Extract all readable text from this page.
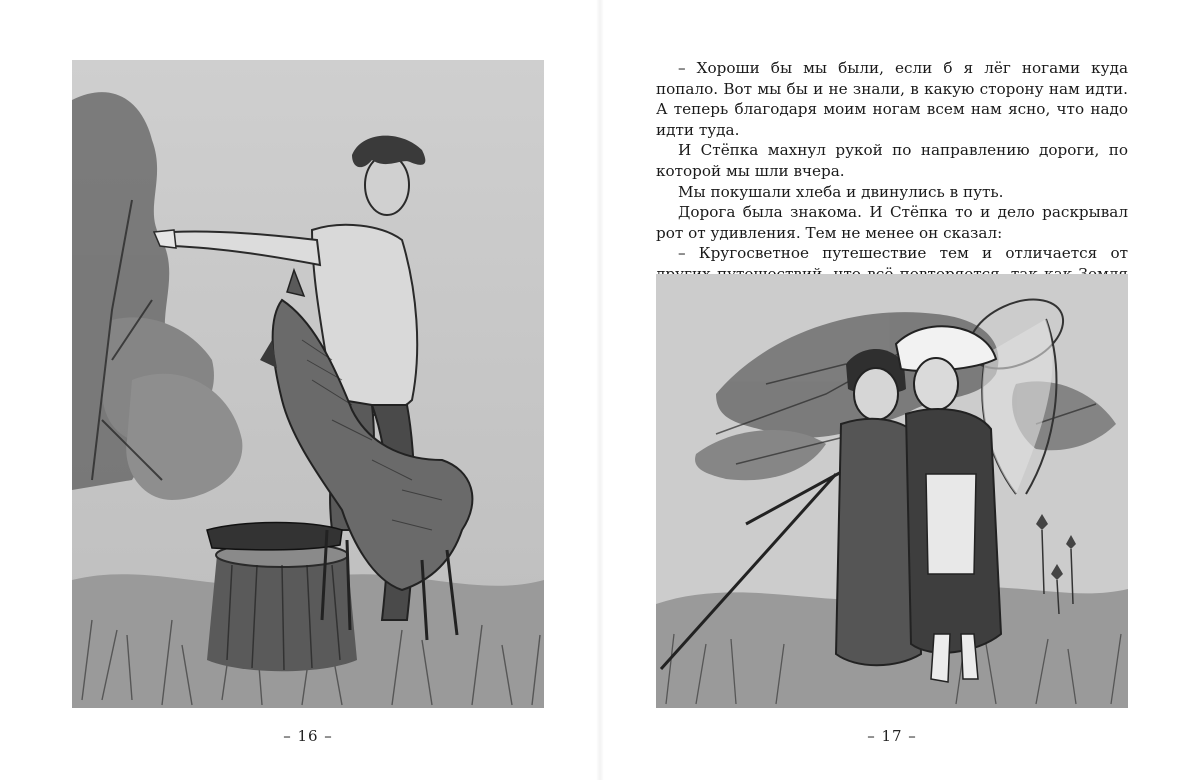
– 16 –

– Хороши бы мы были, если б я лёг ногами куда попало. Вот мы бы и не знали, в какую сторону нам идти. А теперь благодаря моим ногам всем нам ясно, что надо идти туда.

И Стёпка махнул рукой по направлению дороги, по которой мы шли вчера.

Мы покушали хлеба и двинулись в путь.

Дорога была знакома. И Стёпка то и дело раскрывал рот от удивления. Тем не менее он сказал:

– Кругосветное путешествие тем и отличается от

– 17 –
